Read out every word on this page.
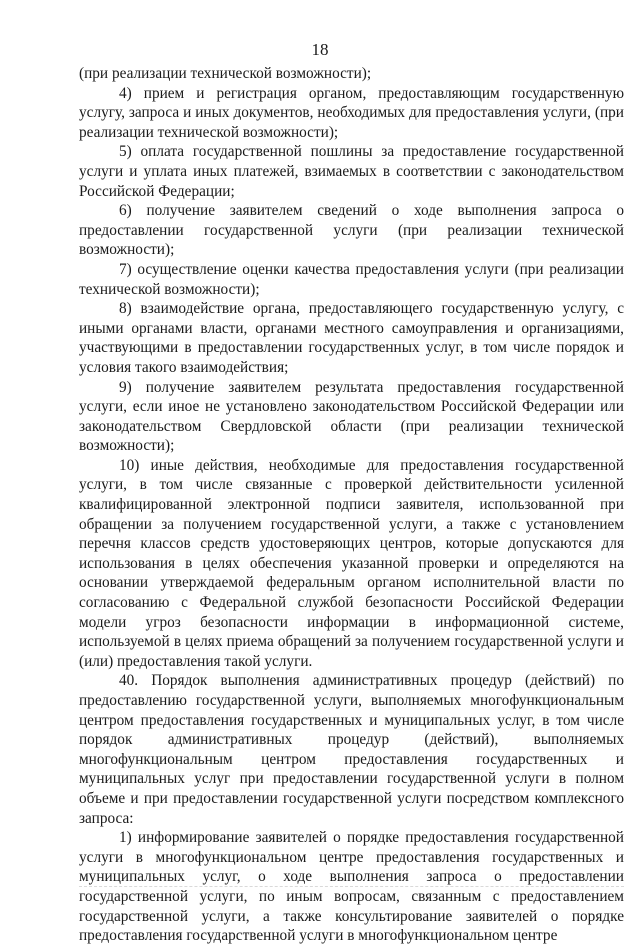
18

(при реализации технической возможности);

4) прием и регистрация органом, предоставляющим государственную услугу, запроса и иных документов, необходимых для предоставления услуги, (при реализации технической возможности);

5) оплата государственной пошлины за предоставление государственной услуги и уплата иных платежей, взимаемых в соответствии с законодательством Российской Федерации;

6) получение заявителем сведений о ходе выполнения запроса о предоставлении государственной услуги (при реализации технической возможности);

7) осуществление оценки качества предоставления услуги (при реализации технической возможности);

8) взаимодействие органа, предоставляющего государственную услугу, с иными органами власти, органами местного самоуправления и организациями, участвующими в предоставлении государственных услуг, в том числе порядок и условия такого взаимодействия;

9) получение заявителем результата предоставления государственной услуги, если иное не установлено законодательством Российской Федерации или законодательством Свердловской области (при реализации технической возможности);

10) иные действия, необходимые для предоставления государственной услуги, в том числе связанные с проверкой действительности усиленной квалифицированной электронной подписи заявителя, использованной при обращении за получением государственной услуги, а также с установлением перечня классов средств удостоверяющих центров, которые допускаются для использования в целях обеспечения указанной проверки и определяются на основании утверждаемой федеральным органом исполнительной власти по согласованию с Федеральной службой безопасности Российской Федерации модели угроз безопасности информации в информационной системе, используемой в целях приема обращений за получением государственной услуги и (или) предоставления такой услуги.

40. Порядок выполнения административных процедур (действий) по предоставлению государственной услуги, выполняемых многофункциональным центром предоставления государственных и муниципальных услуг, в том числе порядок административных процедур (действий), выполняемых многофункциональным центром предоставления государственных и муниципальных услуг при предоставлении государственной услуги в полном объеме и при предоставлении государственной услуги посредством комплексного запроса:

1) информирование заявителей о порядке предоставления государственной услуги в многофункциональном центре предоставления государственных и муниципальных услуг, о ходе выполнения запроса о предоставлении государственной услуги, по иным вопросам, связанным с предоставлением государственной услуги, а также консультирование заявителей о порядке предоставления государственной услуги в многофункциональном центре
